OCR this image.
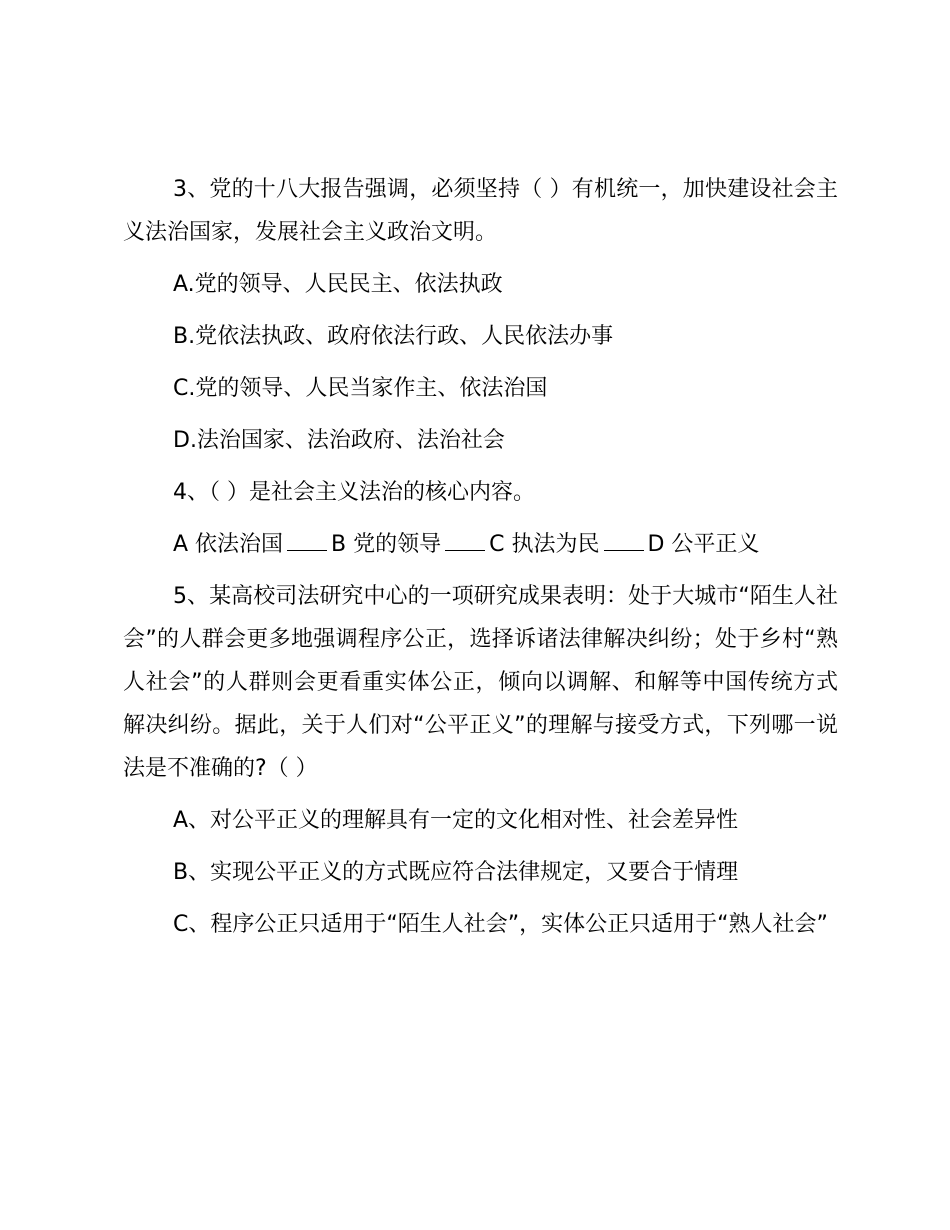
3、党的十八大报告强调，必须坚持（ ）有机统一，加快建设社会主义法治国家，发展社会主义政治文明。

A.党的领导、人民民主、依法执政

B.党依法执政、政府依法行政、人民依法办事

C.党的领导、人民当家作主、依法治国

D.法治国家、法治政府、法治社会

4、（ ）是社会主义法治的核心内容。

A 依法治国 B 党的领导 C 执法为民 D 公平正义

5、某高校司法研究中心的一项研究成果表明：处于大城市“陌生人社会”的人群会更多地强调程序公正，选择诉诸法律解决纠纷；处于乡村“熟人社会”的人群则会更看重实体公正，倾向以调解、和解等中国传统方式解决纠纷。据此，关于人们对“公平正义”的理解与接受方式，下列哪一说法是不准确的?（ ）

A、对公平正义的理解具有一定的文化相对性、社会差异性

B、实现公平正义的方式既应符合法律规定，又要合于情理

C、程序公正只适用于“陌生人社会”，实体公正只适用于“熟人社会”
